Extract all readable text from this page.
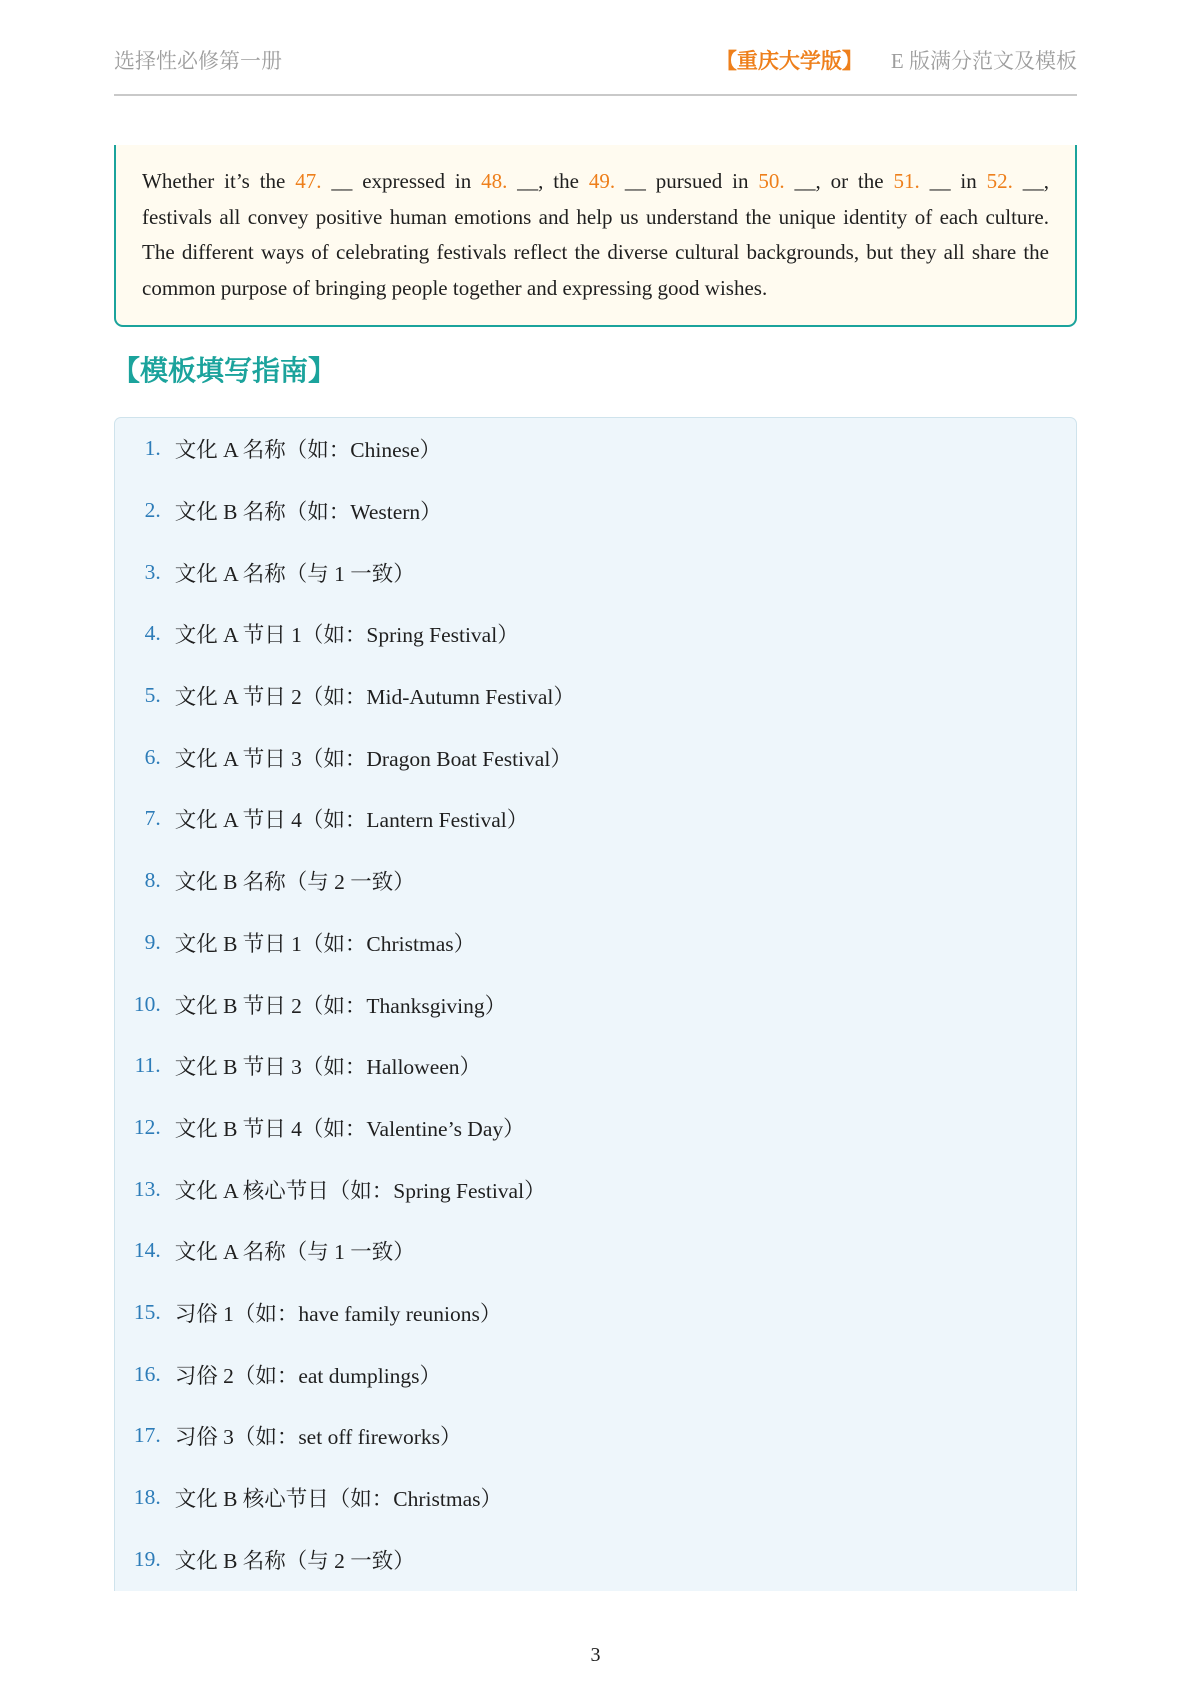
选择性必修第一册	【重庆大学版】 E 版满分范文及模板
Whether it’s the 47. __ expressed in 48. __, the 49. __ pursued in 50. __, or the 51. __ in 52. __,
festivals all convey positive human emotions and help us understand the unique identity of each culture.
The different ways of celebrating festivals reflect the diverse cultural backgrounds, but they all share the
common purpose of bringing people together and expressing good wishes.
【模板填写指南】
1. 文化 A 名称（如：Chinese）
2. 文化 B 名称（如：Western）
3. 文化 A 名称（与 1 一致）
4. 文化 A 节日 1（如：Spring Festival）
5. 文化 A 节日 2（如：Mid-Autumn Festival）
6. 文化 A 节日 3（如：Dragon Boat Festival）
7. 文化 A 节日 4（如：Lantern Festival）
8. 文化 B 名称（与 2 一致）
9. 文化 B 节日 1（如：Christmas）
10. 文化 B 节日 2（如：Thanksgiving）
11. 文化 B 节日 3（如：Halloween）
12. 文化 B 节日 4（如：Valentine’s Day）
13. 文化 A 核心节日（如：Spring Festival）
14. 文化 A 名称（与 1 一致）
15. 习俗 1（如：have family reunions）
16. 习俗 2（如：eat dumplings）
17. 习俗 3（如：set off fireworks）
18. 文化 B 核心节日（如：Christmas）
19. 文化 B 名称（与 2 一致）
3
